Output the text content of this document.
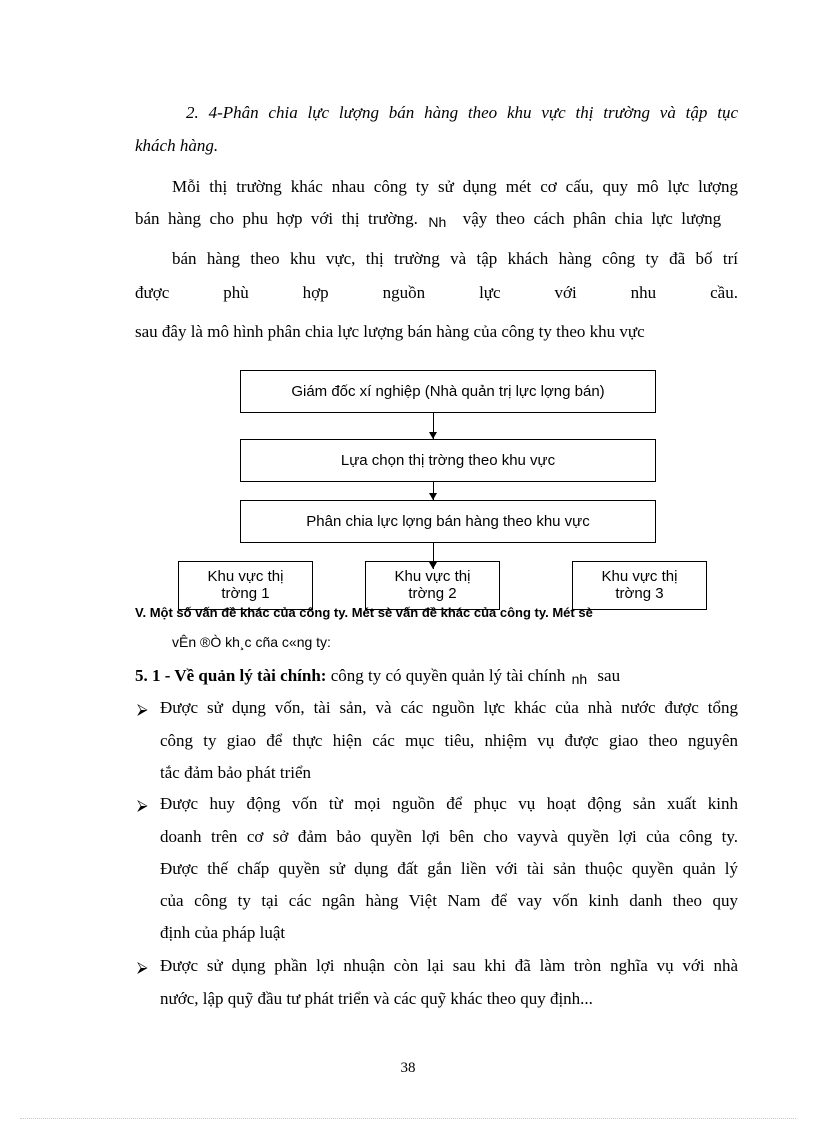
2. 4-Phân chia lực lượng bán hàng theo khu vực thị trường và tập tục
khách hàng.
Mỗi thị trường khác nhau công ty sử dụng mét cơ cấu, quy mô lực lượng
bán hàng cho phu hợp với thị trường. Nh vậy theo cách phân chia lực lượng
bán hàng theo khu vực, thị trường và tập khách hàng công ty đã bố trí
được	phù	hợp	nguồn	lực	với	nhu	cầu.
sau đây là mô hình phân chia lực lượng bán hàng của công ty theo khu vực
Giám đốc xí nghiệp (Nhà quản trị lực lợng bán)
Lựa chọn thị trờng theo khu vực
Phân chia lực lợng bán hàng theo khu vực
Khu vực thị
trờng 1
Khu vực thị
trờng 2
Khu vực thị
trờng 3
V. Một số vấn đề khác của công ty. Mét sè vấn đề khác của công ty. Mét sè
vÊn ®Ò kh¸c cña c«ng ty:
5. 1 - Về quản lý tài chính: công ty có quyền quản lý tài chính nh sau
⮚ Được sử dụng vốn, tài sản, và các nguồn lực khác của nhà nước được tổng
công ty giao để thực hiện các mục tiêu, nhiệm vụ được giao theo nguyên
tắc đảm bảo phát triển
⮚ Được huy động vốn từ mọi nguồn để phục vụ hoạt động sản xuất kinh
doanh trên cơ sở đảm bảo quyền lợi bên cho vayvà quyền lợi của công ty.
Được thế chấp quyền sử dụng đất gắn liền với tài sản thuộc quyền quản lý
của công ty tại các ngân hàng Việt Nam để vay vốn kinh danh theo quy
định của pháp luật
⮚ Được sử dụng phần lợi nhuận còn lại sau khi đã làm tròn nghĩa vụ với nhà
nước, lập quỹ đầu tư phát triển và các quỹ khác theo quy định...
38
